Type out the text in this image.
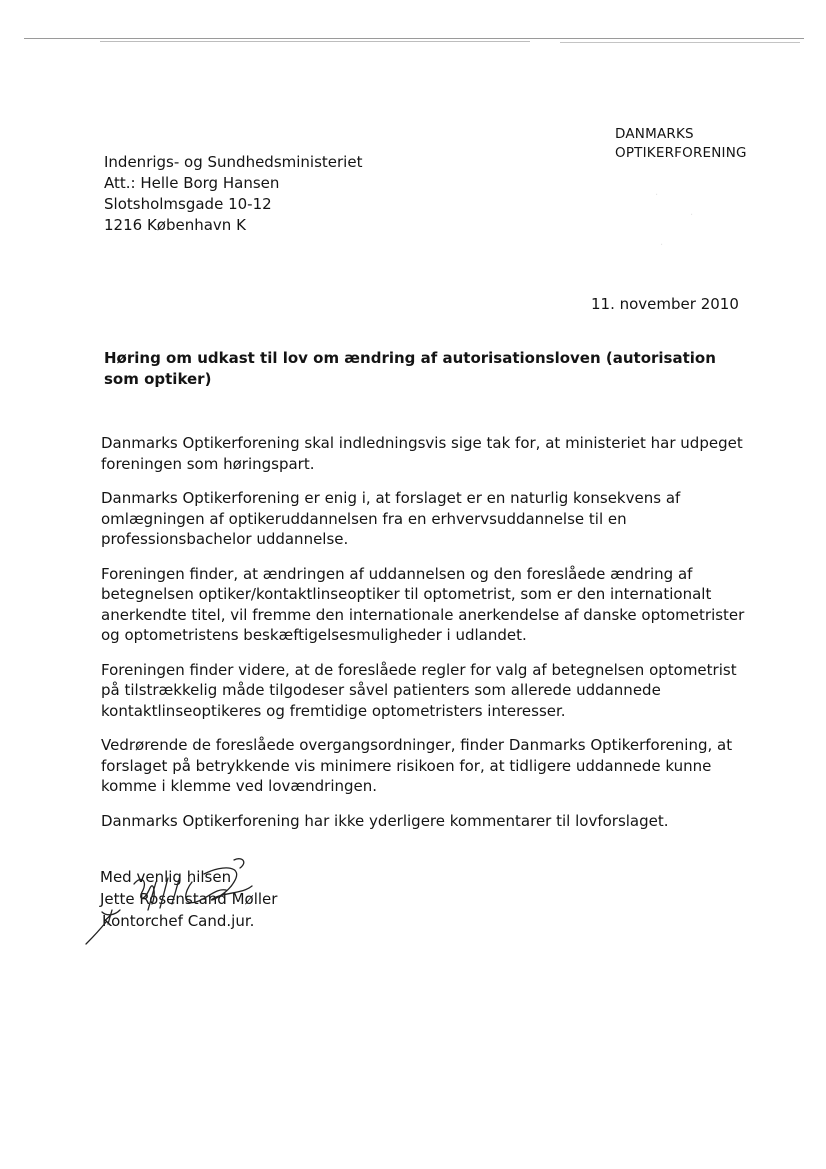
DANMARKS
OPTIKERFORENING
Indenrigs- og Sundhedsministeriet
Att.: Helle Borg Hansen
Slotsholmsgade 10-12
1216 København K
11. november 2010
Høring om udkast til lov om ændring af autorisationsloven (autorisation som optiker)

Danmarks Optikerforening skal indledningsvis sige tak for, at ministeriet har udpeget
foreningen som høringspart.

Danmarks Optikerforening er enig i, at forslaget er en naturlig konsekvens af
omlægningen af optikeruddannelsen fra en erhvervsuddannelse til en
professionsbachelor uddannelse.

Foreningen finder, at ændringen af uddannelsen og den foreslåede ændring af
betegnelsen optiker/kontaktlinseoptiker til optometrist, som er den internationalt
anerkendte titel, vil fremme den internationale anerkendelse af danske optometrister
og optometristens beskæftigelsesmuligheder i udlandet.

Foreningen finder videre, at de foreslåede regler for valg af betegnelsen optometrist
på tilstrækkelig måde tilgodeser såvel patienters som allerede uddannede
kontaktlinseoptikeres og fremtidige optometristers interesser.

Vedrørende de foreslåede overgangsordninger, finder Danmarks Optikerforening, at
forslaget på betrykkende vis minimere risikoen for, at tidligere uddannede kunne
komme i klemme ved lovændringen.

Danmarks Optikerforening har ikke yderligere kommentarer til lovforslaget.

Med venlig hilsen
Jette Rosenstand Møller
Kontorchef Cand.jur.
·
·
·
